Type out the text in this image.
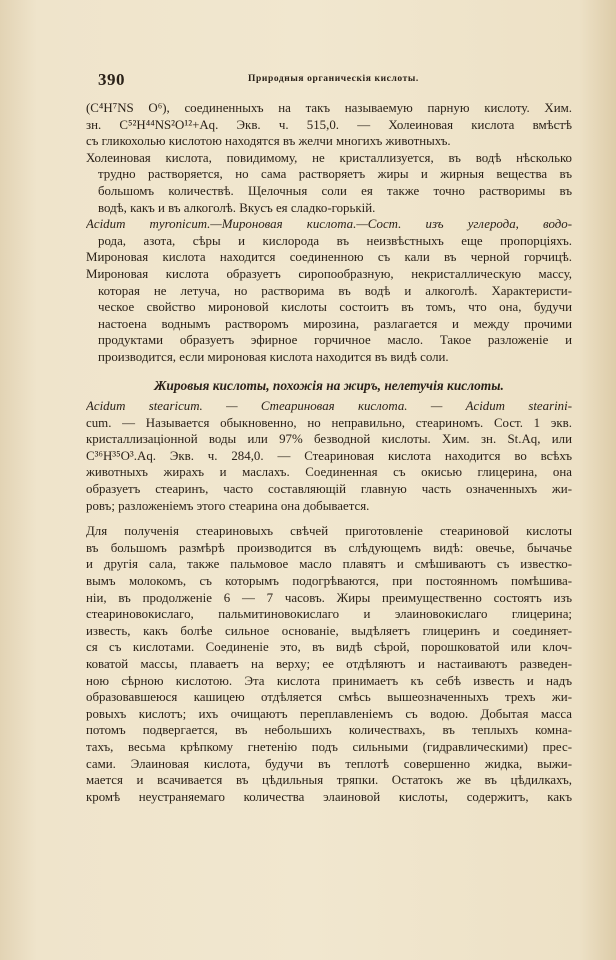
390	Природныя органическія кислоты.

(С⁴Н⁷NS О⁶), соединенныхъ на такъ называемую парную кислоту. Хим.

зн. С⁵²Н⁴⁴NS²О¹²+Aq. Экв. ч. 515,0. — Холеиновая кислота вмѣстѣ

съ гликохолью кислотою находятся въ желчи многихъ животныхъ.

Холеиновая кислота, повидимому, не кристаллизуется, въ водѣ нѣсколько

трудно растворяется, но сама растворяетъ жиры и жирныя вещества въ

большомъ количествѣ. Щелочныя соли ея также точно растворимы въ

водѣ, какъ и въ алкоголѣ. Вкусъ ея сладко-горькій.

Acidum myronicum.—Мироновая кислота.—Сост. изъ углерода, водо-

рода, азота, сѣры и кислорода въ неизвѣстныхъ еще пропорціяхъ.

Мироновая кислота находится соединенною съ кали въ черной горчицѣ.

Мироновая кислота образуетъ сиропообразную, некристаллическую массу,

которая не летуча, но растворима въ водѣ и алкоголѣ. Характеристи-

ческое свойство мироновой кислоты состоитъ въ томъ, что она, будучи

настоена воднымъ растворомъ мирозина, разлагается и между прочими

продуктами образуетъ эфирное горчичное масло. Такое разложеніе и

производится, если мироновая кислота находится въ видѣ соли.

Жировыя кислоты, похожія на жиръ, нелетучія кислоты.

Acidum stearicum. — Стеариновая кислота. — Acidum stearini-

cum. — Называется обыкновенно, но неправильно, стеариномъ. Сост. 1 экв.

кристаллизаціонной воды или 97% безводной кислоты. Хим. зн. St.Aq, или

С³⁶Н³⁵О³.Aq. Экв. ч. 284,0. — Стеариновая кислота находится во всѣхъ

животныхъ жирахъ и маслахъ. Соединенная съ окисью глицерина, она

образуетъ стеаринъ, часто составляющій главную часть означенныхъ жи-

ровъ; разложеніемъ этого стеарина она добывается.

Для полученія стеариновыхъ свѣчей приготовленіе стеариновой кислоты

въ большомъ размѣрѣ производится въ слѣдующемъ видѣ: овечье, бычачье

и другія сала, также пальмовое масло плавятъ и смѣшиваютъ съ известко-

вымъ молокомъ, съ которымъ подогрѣваются, при постоянномъ помѣшива-

ніи, въ продолженіе 6 — 7 часовъ. Жиры преимущественно состоятъ изъ

стеариновокислаго, пальмитиновокислаго и элаиновокислаго глицерина;

известь, какъ болѣе сильное основаніе, выдѣляетъ глицеринъ и соединяет-

ся съ кислотами. Соединеніе это, въ видѣ сѣрой, порошковатой или клоч-

коватой массы, плаваетъ на верху; ее отдѣляютъ и настаиваютъ разведен-

ною сѣрною кислотою. Эта кислота принимаетъ къ себѣ известь и надъ

образовавшеюся кашицею отдѣляется смѣсь вышеозначенныхъ трехъ жи-

ровыхъ кислотъ; ихъ очищаютъ переплавленіемъ съ водою. Добытая масса

потомъ подвергается, въ небольшихъ количествахъ, въ теплыхъ комна-

тахъ, весьма крѣпкому гнетенію подъ сильными (гидравлическими) прес-

сами. Элаиновая кислота, будучи въ теплотѣ совершенно жидка, выжи-

мается и всачивается въ цѣдильныя тряпки. Остатокъ же въ цѣдилкахъ,

кромѣ неустраняемаго количества элаиновой кислоты, содержитъ, какъ
